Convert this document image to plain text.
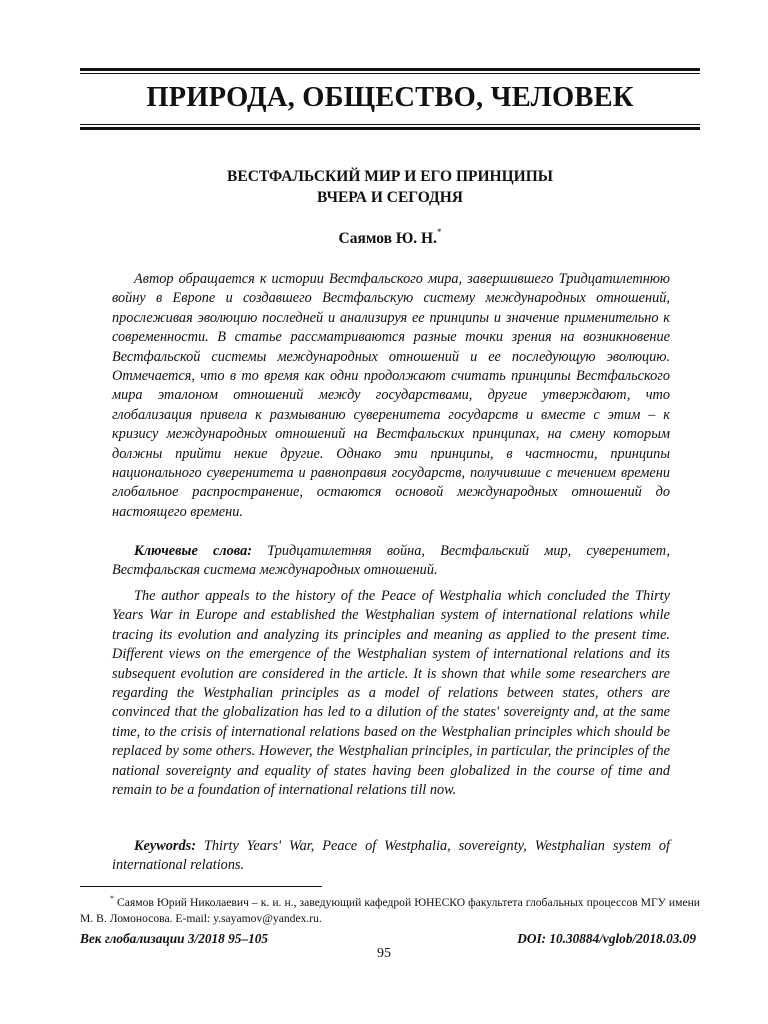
ПРИРОДА, ОБЩЕСТВО, ЧЕЛОВЕК
ВЕСТФАЛЬСКИЙ МИР И ЕГО ПРИНЦИПЫ
ВЧЕРА И СЕГОДНЯ
Саямов Ю. Н.*

Автор обращается к истории Вестфальского мира, завершившего Тридцатилетнюю войну в Европе и создавшего Вестфальскую систему международных отношений, прослеживая эволюцию последней и анализируя ее принципы и значение применительно к современности. В статье рассматриваются разные точки зрения на возникновение Вестфальской системы международных отношений и ее последующую эволюцию. Отмечается, что в то время как одни продолжают считать принципы Вестфальского мира эталоном отношений между государствами, другие утверждают, что глобализация привела к размыванию суверенитета государств и вместе с этим – к кризису международных отношений на Вестфальских принципах, на смену которым должны прийти некие другие. Однако эти принципы, в частности, принципы национального суверенитета и равноправия государств, получившие с течением времени глобальное распространение, остаются основой международных отношений до настоящего времени.

Ключевые слова: Тридцатилетняя война, Вестфальский мир, суверенитет, Вестфальская система международных отношений.

The author appeals to the history of the Peace of Westphalia which concluded the Thirty Years War in Europe and established the Westphalian system of international relations while tracing its evolution and analyzing its principles and meaning as applied to the present time. Different views on the emergence of the Westphalian system of international relations and its subsequent evolution are considered in the article. It is shown that while some researchers are regarding the Westphalian principles as a model of relations between states, others are convinced that the globalization has led to a dilution of the states' sovereignty and, at the same time, to the crisis of international relations based on the Westphalian principles which should be replaced by some others. However, the Westphalian principles, in particular, the principles of the national sovereignty and equality of states having been globalized in the course of time and remain to be a foundation of international relations till now.

Keywords: Thirty Years' War, Peace of Westphalia, sovereignty, Westphalian system of international relations.

* Саямов Юрий Николаевич – к. и. н., заведующий кафедрой ЮНЕСКО факультета глобальных процессов МГУ имени М. В. Ломоносова. E-mail: y.sayamov@yandex.ru.
Век глобализации 3/2018 95–105	DOI: 10.30884/vglob/2018.03.09
95
